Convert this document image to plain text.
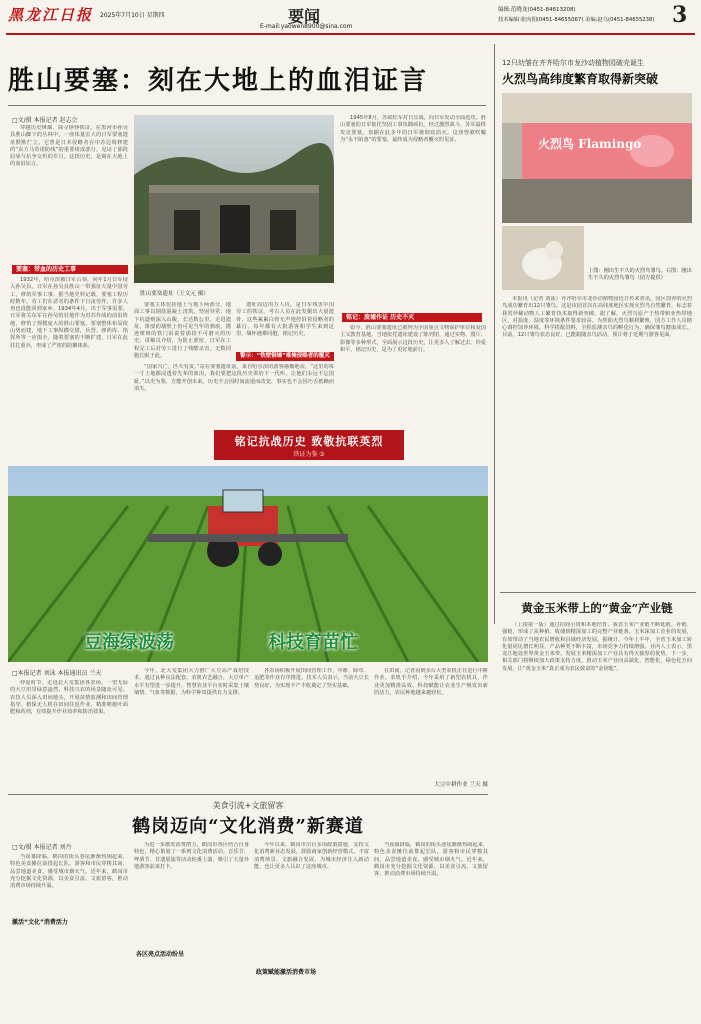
黑龙江日报 2025年7月10日 星期四	要闻
E-mail:yaowen8900@sina.com
编辑:范晓龙(0451-84613208)
技术编辑:张向阳(0451-84655067) 美编:赵乌(0451-84655238) 3
胜山要塞：刻在大地上的血泪证言
□文/摄 本报记者 赵志会

穿越历史烽烟，探寻铮铮铁证。在黑河市孙吴县胜山脚下的丛林中，一座体量宏大的日军要塞遗址默默伫立。它曾是日本侵略者在中苏边境修建的“东方马奇诺防线”的重要组成部分，见证了那段屈辱与抗争交织的岁月。这段历史，是刻在大地上的血泪证言。

要塞：带血的历史工事

1932年，哈尔滨被日军占领，同年1月日军侵入孙吴县。日军在孙吴县胜山一带强征大量中国劳工，修筑军事工事。据当地史料记载，要塞工程历时数年，劳工们在恶劣的条件下日夜劳作，许多人再也没能回到家乡。1934年4月，出于军事需要，日军将关东军在孙吴的驻地作为对苏作战的前沿阵地，修筑了规模庞大的胜山要塞。要塞整体布局依山势而建，地下工事纵横交错，兵营、弹药库、指挥所等一应俱全。随着要塞的不断扩建，日军在此驻扎重兵，形成了严密的防御体系。

胜山要塞遗址（王文元 摄）

要塞主体包括地上与地下两部分。地面工事以钢筋混凝土浇筑，坚固异常；地下坑道则深入山腹，长达数公里。走进遗址，斑驳的墙壁上仍可见当年的弹痕，锈迹斑斑的铁门诉说着那段不可磨灭的历史。讲解员介绍，为防止泄密，日军在工程完工后对劳工进行了残酷杀害，无数同胞长眠于此。

遗址周边的万人坑，是日军残害中国劳工的铁证。考古人员在此发掘出大量遗骨，这些累累白骨无声地控诉着侵略者的暴行。每年都有大批游客和学生来到这里，缅怀遇难同胞，铭记历史。

铭记：废墟作证 历史不灭

1945年8月，苏联红军对日宣战，向日军发动全面进攻。胜山要塞的日军依托坚固工事负隅顽抗。经过激烈战斗，苏军最终攻克要塞，盘踞在此多年的日军被彻底消灭。这座曾被吹嘘为“永不陷落”的要塞，最终成为侵略者覆灭的见证。

如今，胜山要塞遗址已被列为全国重点文物保护单位和爱国主义教育基地。当地依托遗址建设了陈列馆，通过实物、图片、影像等多种形式，全面展示这段历史，让更多人了解过去、珍爱和平。铭记历史，是为了更好地前行。

警示：“铁壁铜墙”难掩侵略者的覆灭

“国家兴亡，匹夫有责。”站在要塞遗址前，来自哈尔滨的游客感慨地说，“这里的每一寸土地都浸透着先辈的血泪，我们要把这段历史讲给下一代听，让他们永远不忘国耻。”以史为鉴，方能开创未来。历史不会因时间流逝而改变，事实也不会因巧舌抵赖而消失。

铭记抗战历史 致敬抗联英烈
铁证为鉴 ③
12只幼雏在齐齐哈尔市龙沙动植物园破壳诞生
火烈鸟高纬度繁育取得新突破
火烈鸟 Flamingo
上图：刚出生不久的火烈鸟雏鸟。右图：刚出生不久的火烈鸟雏鸟（园方提供）

本报讯（记者 刘泳）齐齐哈尔市龙沙动植物园近日传来喜讯，园区饲养的火烈鸟成功繁育出12只雏鸟。这是该园首次在高纬度地区实现火烈鸟自然繁育，标志着我省珍稀动物人工繁育技术取得新突破。据了解，火烈鸟原产于热带和亚热带地区，对温度、湿度等环境条件要求较高。为帮助火烈鸟顺利繁殖，园方工作人员精心调控饲养环境，科学搭配饲料，全程监测亲鸟的孵化行为，确保雏鸟健康成长。目前，12只雏鸟状态良好，已能跟随亲鸟活动，预计将于近期与游客见面。

黄金玉米带上的“黄金”产业链

（上接第一版）通过招商引资和本地培育，我省玉米产业链不断延链、补链、强链，形成了从种植、收储到精深加工的完整产业链条。玉米深加工企业的发展，有效带动了当地农民增收和县域经济发展。据统计，今年上半年，全省玉米加工转化量同比增长明显，产品种类不断丰富，市场竞争力持续增强。业内人士表示，黑龙江地处世界黄金玉米带，发展玉米精深加工产业具有得天独厚的优势。下一步，相关部门将继续加大政策支持力度，推动玉米产业向高端化、智能化、绿色化方向发展，让“黄金玉米”真正成为农民致富的“金钥匙”。

豆海绿波荡	科技育苗忙
□本报记者 刘泳 本报通讯员 兰天

仲夏时节，走进北大荒集团各农场，一望无际的大豆田里绿意盎然，科技兴农的场景随处可见。农技人员深入田间地头，开展苗情监测和田间管理指导。植保无人机在田间往返作业，精准喷施叶面肥和药剂，有效提升作业效率和防治效果。

今年，北大荒集团大力推广大豆高产栽培技术，通过良种良法配套、农机农艺融合，大豆单产水平有望进一步提升。智慧农业平台实时采集土壤墒情、气象等数据，为科学种田提供有力支撑。

各农场积极开展田间管理工作，中耕、除草、追肥等作业有序推进。技术人员表示，当前大豆长势良好，为实现丰产丰收奠定了坚实基础。

在田间，记者看到多台大型农机正在进行中耕作业。农机手介绍，今年采用了新型农机具，作业更加精准高效。科技赋能让农业生产焕发出新的活力，农民种地越来越轻松。

大豆中耕作业 兰天 摄
美食引流+文旅留客
鹤岗迈向“文化消费”新赛道
□文/摄 本报记者 刘丹

当夜幕降临，鹤岗的街头巷尾渐渐热闹起来，特色美食摊位前排起长队，游客和市民穿梭其间，品尝地道美食，感受城市烟火气。近年来，鹤岗市充分挖掘文化资源，以美食引流、文旅留客，推动消费市场持续升温。

激活“文化”消费活力

为进一步激发消费潜力，鹤岗市各区结合自身特色，精心策划了一系列文化消费活动。音乐节、啤酒节、非遗展演等活动轮番上演，吸引了大量外地游客前来打卡。

各区亮点活动纷呈

今年以来，鹤岗市出台多项政策措施，支持文化消费新业态发展，鼓励商家创新经营模式，丰富消费场景。文旅融合发展，为城市经济注入新动能，也让更多人认识了这座城市。

政策赋能激活消费市场

当夜幕降临，鹤岗的街头巷尾渐渐热闹起来，特色美食摊位前排起长队，游客和市民穿梭其间，品尝地道美食，感受城市烟火气。近年来，鹤岗市充分挖掘文化资源，以美食引流、文旅留客，推动消费市场持续升温。
